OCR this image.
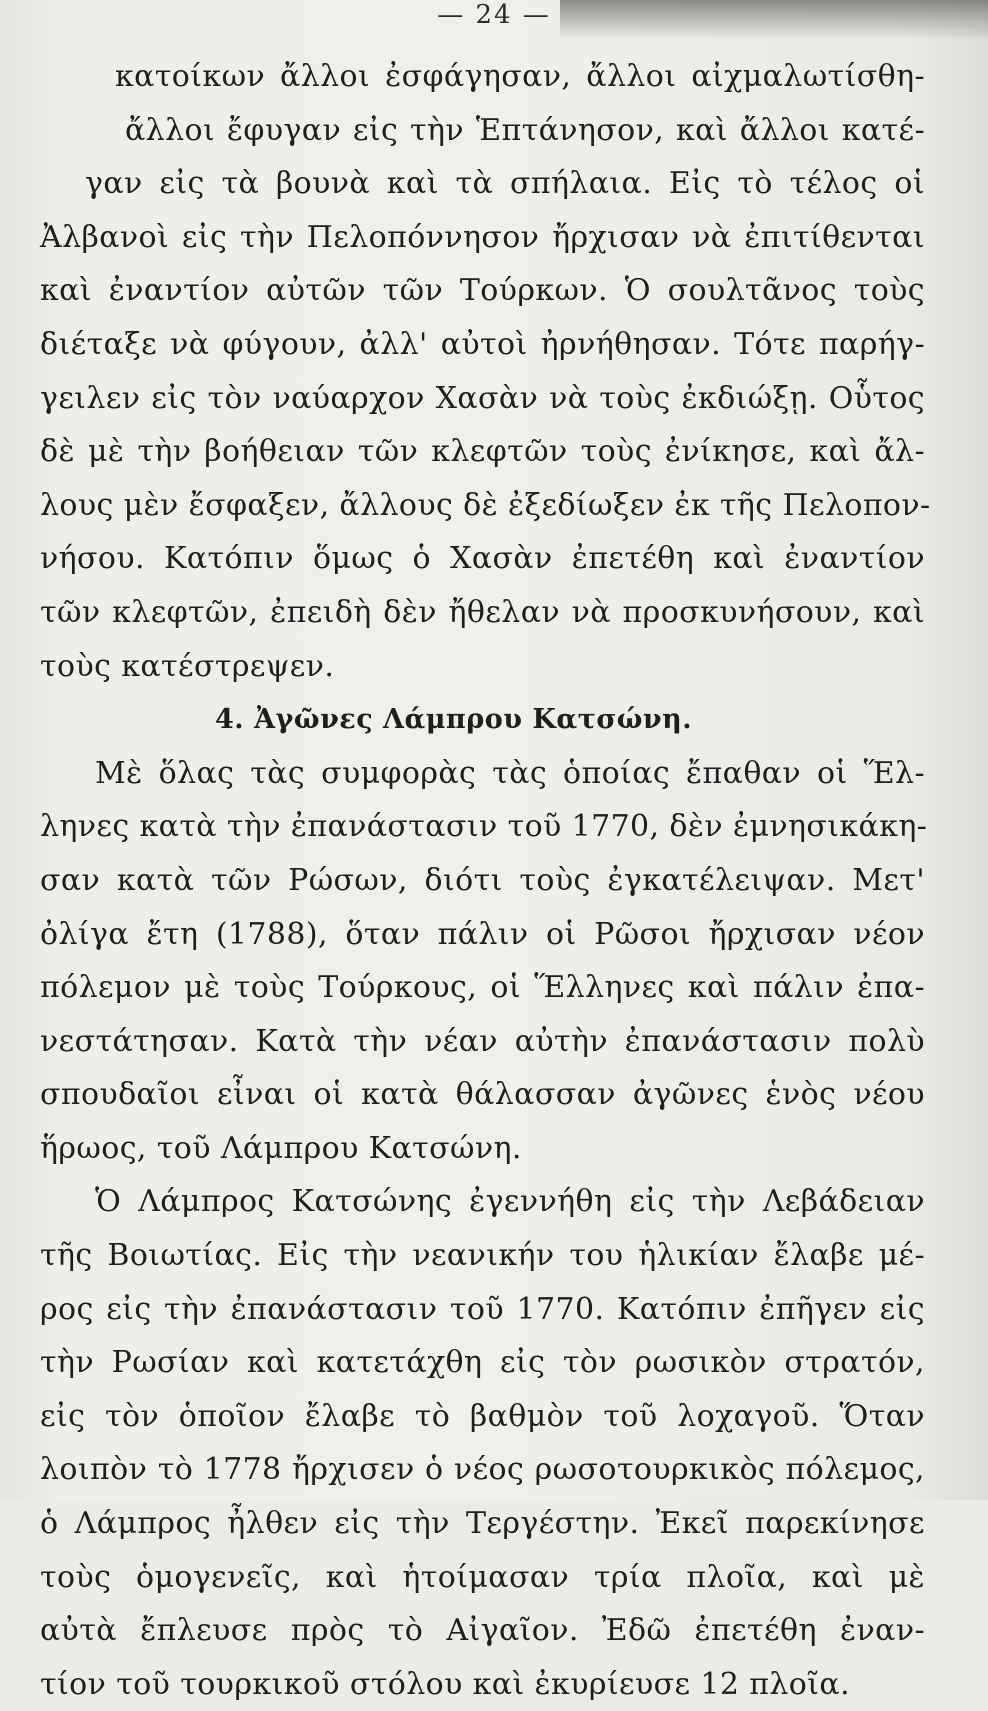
— 24 —
κατοίκων ἄλλοι ἐσφάγησαν, ἄλλοι αἰχμαλωτίσθη-
ἄλλοι ἔφυγαν εἰς τὴν Ἑπτάνησον, καὶ ἄλλοι κατέ-
γαν εἰς τὰ βουνὰ καὶ τὰ σπήλαια. Εἰς τὸ τέλος οἱ
Ἀλβανοὶ εἰς τὴν Πελοπόννησον ἤρχισαν νὰ ἐπιτίθενται
καὶ ἐναντίον αὐτῶν τῶν Τούρκων. Ὁ σουλτᾶνος τοὺς
διέταξε νὰ φύγουν, ἀλλ' αὐτοὶ ἠρνήθησαν. Τότε παρήγ-
γειλεν εἰς τὸν ναύαρχον Χασὰν νὰ τοὺς ἐκδιώξῃ. Οὗτος
δὲ μὲ τὴν βοήθειαν τῶν κλεφτῶν τοὺς ἐνίκησε, καὶ ἄλ-
λους μὲν ἔσφαξεν, ἄλλους δὲ ἐξεδίωξεν ἐκ τῆς Πελοπον-
νήσου. Κατόπιν ὅμως ὁ Χασὰν ἐπετέθη καὶ ἐναντίον
τῶν κλεφτῶν, ἐπειδὴ δὲν ἤθελαν νὰ προσκυνήσουν, καὶ
τοὺς κατέστρεψεν.
4. Ἀγῶνες Λάμπρου Κατσώνη.
Μὲ ὅλας τὰς συμφορὰς τὰς ὁποίας ἔπαθαν οἱ Ἕλ-
ληνες κατὰ τὴν ἐπανάστασιν τοῦ 1770, δὲν ἐμνησικάκη-
σαν κατὰ τῶν Ρώσων, διότι τοὺς ἐγκατέλειψαν. Μετ'
ὀλίγα ἔτη (1788), ὅταν πάλιν οἱ Ρῶσοι ἤρχισαν νέον
πόλεμον μὲ τοὺς Τούρκους, οἱ Ἕλληνες καὶ πάλιν ἐπα-
νεστάτησαν. Κατὰ τὴν νέαν αὐτὴν ἐπανάστασιν πολὺ
σπουδαῖοι εἶναι οἱ κατὰ θάλασσαν ἀγῶνες ἑνὸς νέου
ἥρωος, τοῦ Λάμπρου Κατσώνη.
Ὁ Λάμπρος Κατσώνης ἐγεννήθη εἰς τὴν Λεβάδειαν
τῆς Βοιωτίας. Εἰς τὴν νεανικήν του ἡλικίαν ἔλαβε μέ-
ρος εἰς τὴν ἐπανάστασιν τοῦ 1770. Κατόπιν ἐπῆγεν εἰς
τὴν Ρωσίαν καὶ κατετάχθη εἰς τὸν ρωσικὸν στρατόν,
εἰς τὸν ὁποῖον ἔλαβε τὸ βαθμὸν τοῦ λοχαγοῦ. Ὅταν
λοιπὸν τὸ 1778 ἤρχισεν ὁ νέος ρωσοτουρκικὸς πόλεμος,
ὁ Λάμπρος ἦλθεν εἰς τὴν Τεργέστην. Ἐκεῖ παρεκίνησε
τοὺς ὁμογενεῖς, καὶ ἡτοίμασαν τρία πλοῖα, καὶ μὲ
αὐτὰ ἔπλευσε πρὸς τὸ Αἰγαῖον. Ἐδῶ ἐπετέθη ἐναν-
τίον τοῦ τουρκικοῦ στόλου καὶ ἐκυρίευσε 12 πλοῖα.
